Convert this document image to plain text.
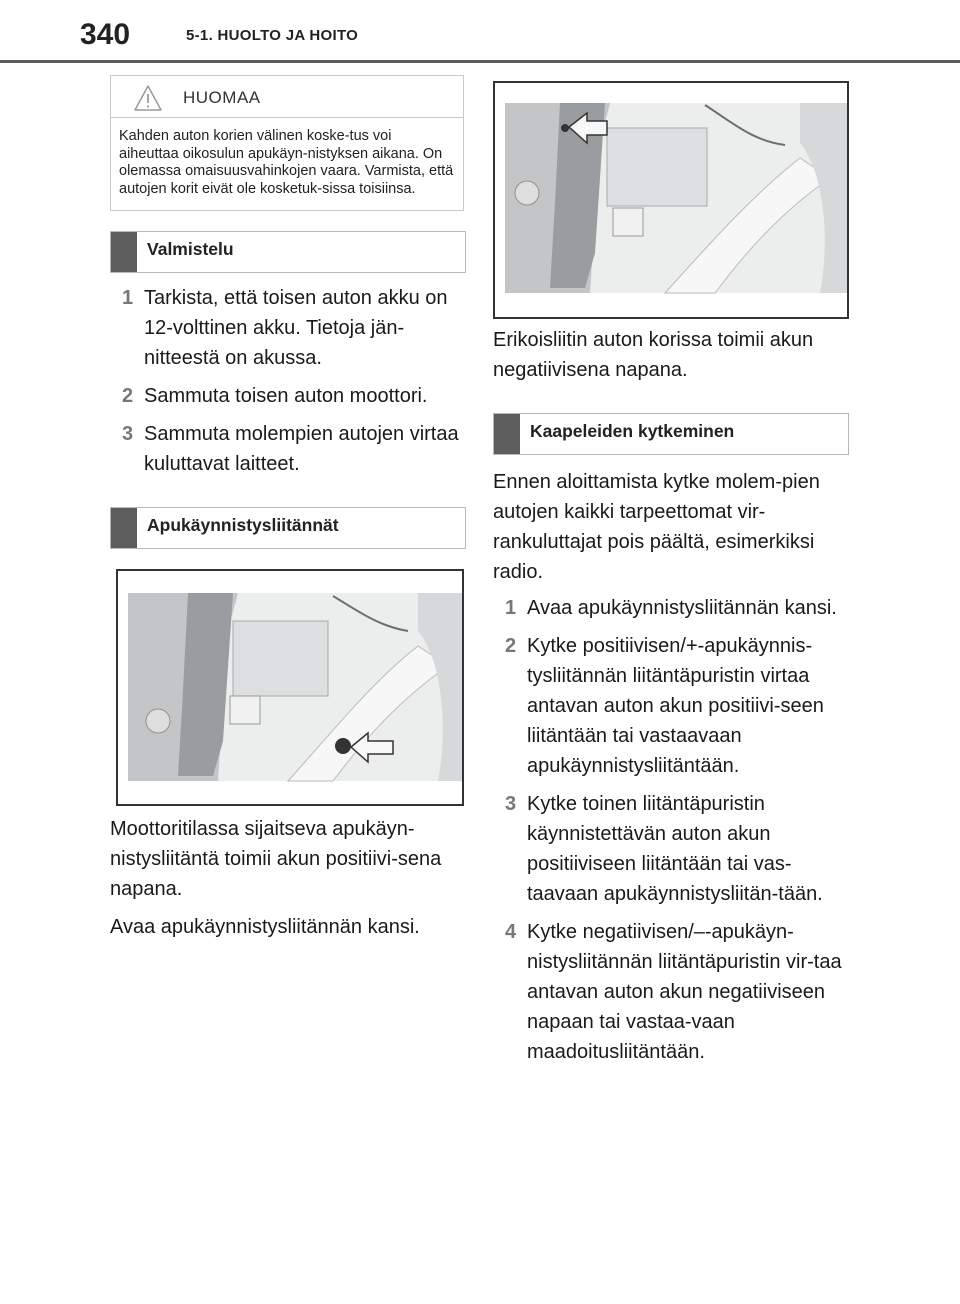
340	5-1. HUOLTO JA HOITO
HUOMAA
Kahden auton korien välinen koske-tus voi aiheuttaa oikosulun apukäyn-nistyksen aikana. On olemassa omaisuusvahinkojen vaara. Varmista, että autojen korit eivät ole kosketuk-sissa toisiinsa.
Valmistelu
1 Tarkista, että toisen auton akku on 12-volttinen akku. Tietoja jän-nitteestä on akussa.
2 Sammuta toisen auton moottori.
3 Sammuta molempien autojen virtaa kuluttavat laitteet.
Apukäynnistysliitännät
Moottoritilassa sijaitseva apukäyn-nistysliitäntä toimii akun positiivi-sena napana.
Avaa apukäynnistysliitännän kansi.
Erikoisliitin auton korissa toimii akun negatiivisena napana.
Kaapeleiden kytkeminen
Ennen aloittamista kytke molem-pien autojen kaikki tarpeettomat vir-rankuluttajat pois päältä, esimerkiksi radio.
1 Avaa apukäynnistysliitännän kansi.
2 Kytke positiivisen/+-apukäynnis-tysliitännän liitäntäpuristin virtaa antavan auton akun positiivi-seen liitäntään tai vastaavaan apukäynnistysliitäntään.
3 Kytke toinen liitäntäpuristin käynnistettävän auton akun positiiviseen liitäntään tai vas-taavaan apukäynnistysliitän-tään.
4 Kytke negatiivisen/–-apukäyn-nistysliitännän liitäntäpuristin vir-taa antavan auton akun negatiiviseen napaan tai vastaa-vaan maadoitusliitäntään.
